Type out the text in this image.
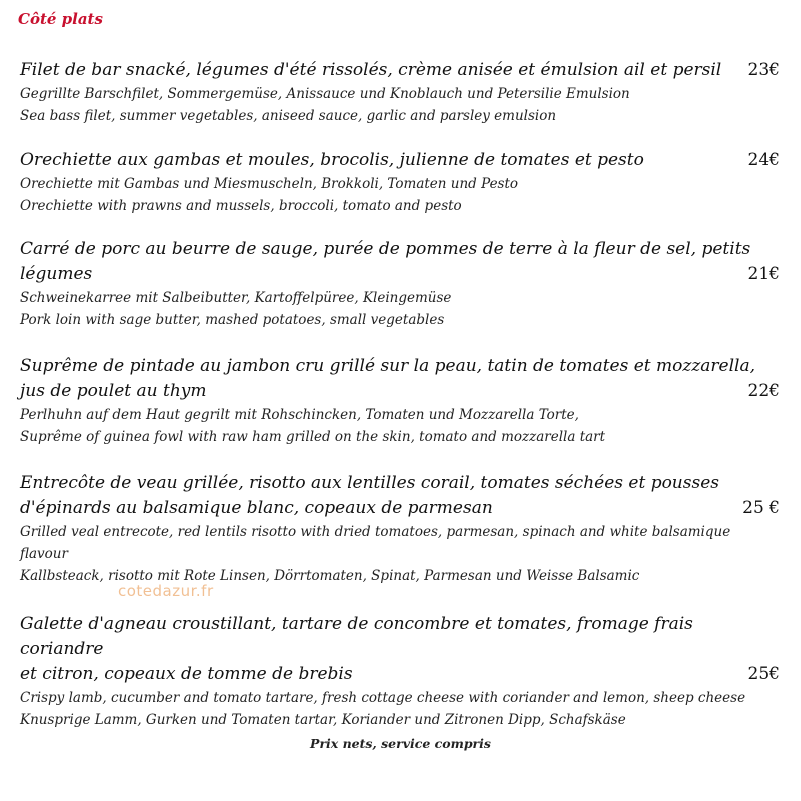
Côté plats
Filet de bar snacké, légumes d'été rissolés, crème anisée et émulsion ail et persil 23€
Gegrillte Barschfilet, Sommergemüse, Anissauce und Knoblauch und Petersilie Emulsion
Sea bass filet, summer vegetables, aniseed sauce, garlic and parsley emulsion
Orechiette aux gambas et moules, brocolis, julienne de tomates et pesto	24€
Orechiette mit Gambas und Miesmuscheln, Brokkoli, Tomaten und Pesto
Orechiette with prawns and mussels, broccoli, tomato and pesto
Carré de porc au beurre de sauge, purée de pommes de terre à la fleur de sel, petits
légumes	21€
Schweinekarree mit Salbeibutter, Kartoffelpüree, Kleingemüse
Pork loin with sage butter, mashed potatoes, small vegetables
Suprême de pintade au jambon cru grillé sur la peau, tatin de tomates et mozzarella,
jus de poulet au thym	22€
Perlhuhn auf dem Haut gegrilt mit Rohschincken, Tomaten und Mozzarella Torte,
Suprême of guinea fowl with raw ham grilled on the skin, tomato and mozzarella tart
Entrecôte de veau grillée, risotto aux lentilles corail, tomates séchées et pousses
d'épinards au balsamique blanc, copeaux de parmesan	25 €
Grilled veal entrecote, red lentils risotto with dried tomatoes, parmesan, spinach and white balsamique
flavour
Kallbsteack, risotto mit Rote Linsen, Dörrtomaten, Spinat, Parmesan und Weisse Balsamic
Galette d'agneau croustillant, tartare de concombre et tomates, fromage frais coriandre
et citron, copeaux de tomme de brebis	25€
Crispy lamb, cucumber and tomato tartare, fresh cottage cheese with coriander and lemon, sheep cheese
Knusprige Lamm, Gurken und Tomaten tartar, Koriander und Zitronen Dipp, Schafskäse
cotedazur.fr
Prix nets, service compris
